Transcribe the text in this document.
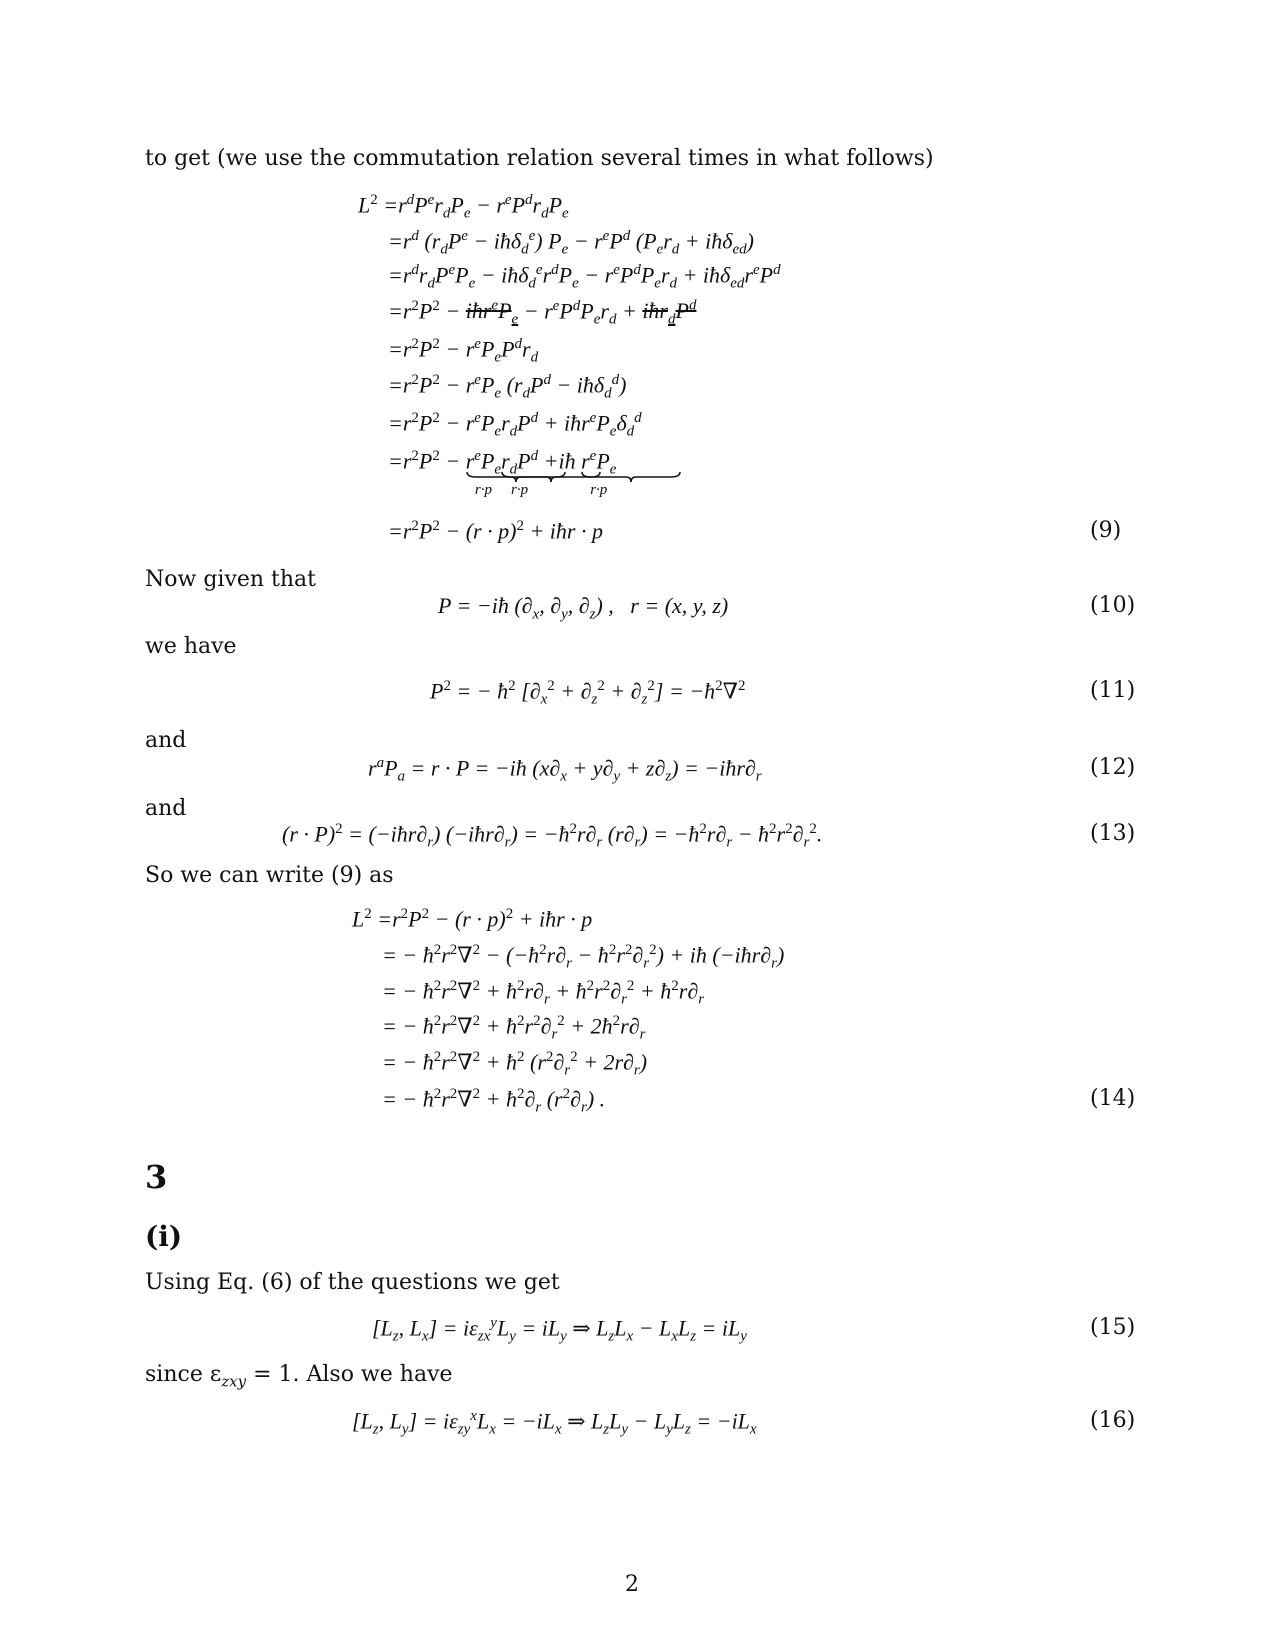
to get (we use the commutation relation several times in what follows)
$L^2 =r^dP^er_dP_e - r^eP^dr_dP_e$
$=r^d$ ($r_dP^e$ − iħδ$_d^e$) $P_e - r^eP^d$ ($P_er_d$ + iħδ$_{ed}$)
$=r^dr_dP^eP_e$ − $iħ\delta_d^er^dP_e - r^eP^dP_er_d$ + $iħ\delta_{ed}r^eP^d$
$=r^2P^2$ − $iħr^eP_e - r^eP^dP_er_d$ + $iħr_dP^d$
$=r^2P^2 - r^eP_eP^dr_d$
$=r^2P^2 - r^eP_e$ ($r_dP^d$ − iħδ$_d^d$)
$=r^2P^2 - r^eP_er_dP^d$ + $iħr^eP_e\delta_d^d$
$=r^2P^2 - r^eP_e$
r·p
$r_dP^d$
r·p
+iħ $r^eP_e$
r·p
$=r^2P^2 - (r \cdot p)^2$ + iħr · p	(9)
Now given that
P = −iħ ($\partial_x$, $\partial_y$, $\partial_z$) ,   r = (x, y, z)	(10)
we have
$P^2$ = − $ħ^2$ $[\partial_x^2 + \partial_z^2 + \partial_z^2]$ = $-ħ^2\nabla^2$	(11)
and
$r^aP_a = r \cdot P$ = −iħ $(x\partial_x + y\partial_y + z\partial_z)$ = $-iħr\partial_r$	(12)
and
$(r \cdot P)^2$ = $(-iħr\partial_r)$ $(-iħr\partial_r)$ = $-ħ^2r\partial_r$ $(r\partial_r)$ = $-ħ^2r\partial_r$ − $ħ^2r^2\partial_r^2$.	(13)
So we can write (9) as
$L^2 =r^2P^2 - (r \cdot p)^2$ + iħr · p
= − $ħ^2r^2\nabla^2$ − ($-ħ^2r\partial_r$ − $ħ^2r^2\partial_r^2$) + iħ $(-iħr\partial_r)$
= − $ħ^2r^2\nabla^2$ + $ħ^2r\partial_r$ + $ħ^2r^2\partial_r^2$ + $ħ^2r\partial_r$
= − $ħ^2r^2\nabla^2$ + $ħ^2r^2\partial_r^2$ + $2ħ^2r\partial_r$
= − $ħ^2r^2\nabla^2$ + $ħ^2$ $(r^2\partial_r^2 + 2r\partial_r)$
= − $ħ^2r^2\nabla^2$ + $ħ^2\partial_r$ $(r^2\partial_r)$ .	(14)
3
(i)
Using Eq. (6) of the questions we get
[$L_z$, $L_x] = i\varepsilon_{zx}^yL_y = iL_y$ ⇒ $L_zL_x - L_xL_z = iL_y$	(15)
since $\varepsilon_{zxy} = 1$. Also we have
[$L_z$, $L_y] = i\varepsilon_{zy}^xL_x = -iL_x$ ⇒ $L_zL_y - L_yL_z = -iL_x$	(16)
2
